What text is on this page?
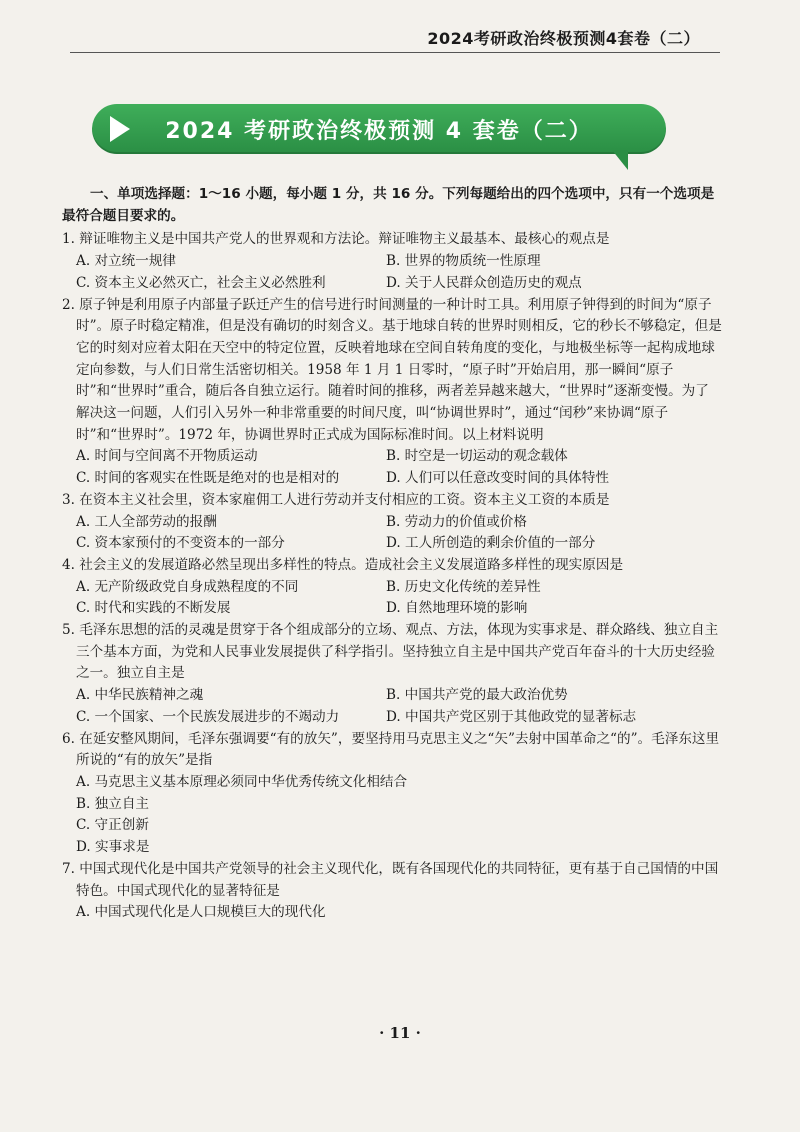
2024考研政治终极预测4套卷（二）
2024 考研政治终极预测 4 套卷（二）

一、单项选择题：1～16 小题，每小题 1 分，共 16 分。下列每题给出的四个选项中，只有一个选项是最符合题目要求的。

1. 辩证唯物主义是中国共产党人的世界观和方法论。辩证唯物主义最基本、最核心的观点是

A. 对立统一规律	B. 世界的物质统一性原理
C. 资本主义必然灭亡，社会主义必然胜利	D. 关于人民群众创造历史的观点

2. 原子钟是利用原子内部量子跃迁产生的信号进行时间测量的一种计时工具。利用原子钟得到的时间为“原子时”。原子时稳定精准，但是没有确切的时刻含义。基于地球自转的世界时则相反，它的秒长不够稳定，但是它的时刻对应着太阳在天空中的特定位置，反映着地球在空间自转角度的变化，与地极坐标等一起构成地球定向参数，与人们日常生活密切相关。1958 年 1 月 1 日零时，“原子时”开始启用，那一瞬间“原子时”和“世界时”重合，随后各自独立运行。随着时间的推移，两者差异越来越大，“世界时”逐渐变慢。为了解决这一问题，人们引入另外一种非常重要的时间尺度，叫“协调世界时”，通过“闰秒”来协调“原子时”和“世界时”。1972 年，协调世界时正式成为国际标准时间。以上材料说明

A. 时间与空间离不开物质运动	B. 时空是一切运动的观念载体
C. 时间的客观实在性既是绝对的也是相对的	D. 人们可以任意改变时间的具体特性

3. 在资本主义社会里，资本家雇佣工人进行劳动并支付相应的工资。资本主义工资的本质是

A. 工人全部劳动的报酬	B. 劳动力的价值或价格
C. 资本家预付的不变资本的一部分	D. 工人所创造的剩余价值的一部分

4. 社会主义的发展道路必然呈现出多样性的特点。造成社会主义发展道路多样性的现实原因是

A. 无产阶级政党自身成熟程度的不同	B. 历史文化传统的差异性
C. 时代和实践的不断发展	D. 自然地理环境的影响

5. 毛泽东思想的活的灵魂是贯穿于各个组成部分的立场、观点、方法，体现为实事求是、群众路线、独立自主三个基本方面，为党和人民事业发展提供了科学指引。坚持独立自主是中国共产党百年奋斗的十大历史经验之一。独立自主是

A. 中华民族精神之魂	B. 中国共产党的最大政治优势
C. 一个国家、一个民族发展进步的不竭动力	D. 中国共产党区别于其他政党的显著标志

6. 在延安整风期间，毛泽东强调要“有的放矢”，要坚持用马克思主义之“矢”去射中国革命之“的”。毛泽东这里所说的“有的放矢”是指

A. 马克思主义基本原理必须同中华优秀传统文化相结合
B. 独立自主
C. 守正创新
D. 实事求是

7. 中国式现代化是中国共产党领导的社会主义现代化，既有各国现代化的共同特征，更有基于自己国情的中国特色。中国式现代化的显著特征是

A. 中国式现代化是人口规模巨大的现代化
· 11 ·
